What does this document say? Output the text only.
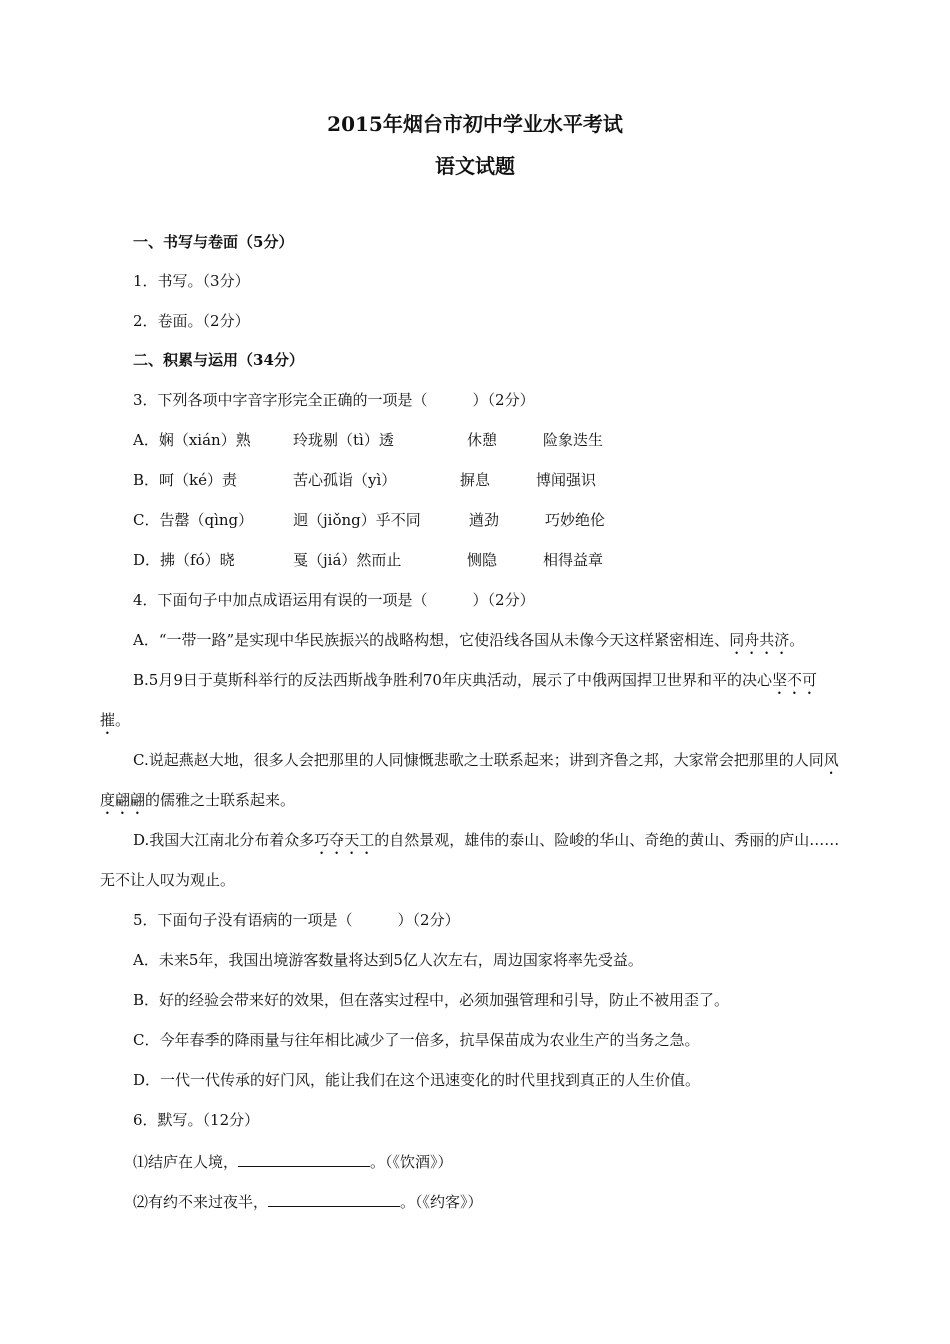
2015年烟台市初中学业水平考试
语文试题
一、书写与卷面（5分）
1．书写。（3分）
2．卷面。（2分）
二、积累与运用（34分）
3．下列各项中字音字形完全正确的一项是（　　　）（2分）
A．娴（xián）熟	玲珑剔（tì）透	休憩	险象迭生
B．呵（ké）责	苦心孤诣（yì）	摒息	博闻强识
C．告罄（qìng）	迥（jiǒng）乎不同	遒劲	巧妙绝伦
D．拂（fó）晓	戛（jiá）然而止	恻隐	相得益章
4．下面句子中加点成语运用有误的一项是（　　　）（2分）
A．“一带一路”是实现中华民族振兴的战略构想，它使沿线各国从未像今天这样紧密相连、同舟共济。
B.5月9日于莫斯科举行的反法西斯战争胜利70年庆典活动，展示了中俄两国捍卫世界和平的决心坚不可
摧。
C.说起燕赵大地，很多人会把那里的人同慷慨悲歌之士联系起来；讲到齐鲁之邦，大家常会把那里的人同风
度翩翩的儒雅之士联系起来。
D.我国大江南北分布着众多巧夺天工的自然景观，雄伟的泰山、险峻的华山、奇绝的黄山、秀丽的庐山……
无不让人叹为观止。
5．下面句子没有语病的一项是（　　　）（2分）
A．未来5年，我国出境游客数量将达到5亿人次左右，周边国家将率先受益。
B．好的经验会带来好的效果，但在落实过程中，必须加强管理和引导，防止不被用歪了。
C．今年春季的降雨量与往年相比减少了一倍多，抗旱保苗成为农业生产的当务之急。
D．一代一代传承的好门风，能让我们在这个迅速变化的时代里找到真正的人生价值。
6．默写。（12分）
⑴结庐在人境，	。（《饮酒》）
⑵有约不来过夜半，	。（《约客》）
